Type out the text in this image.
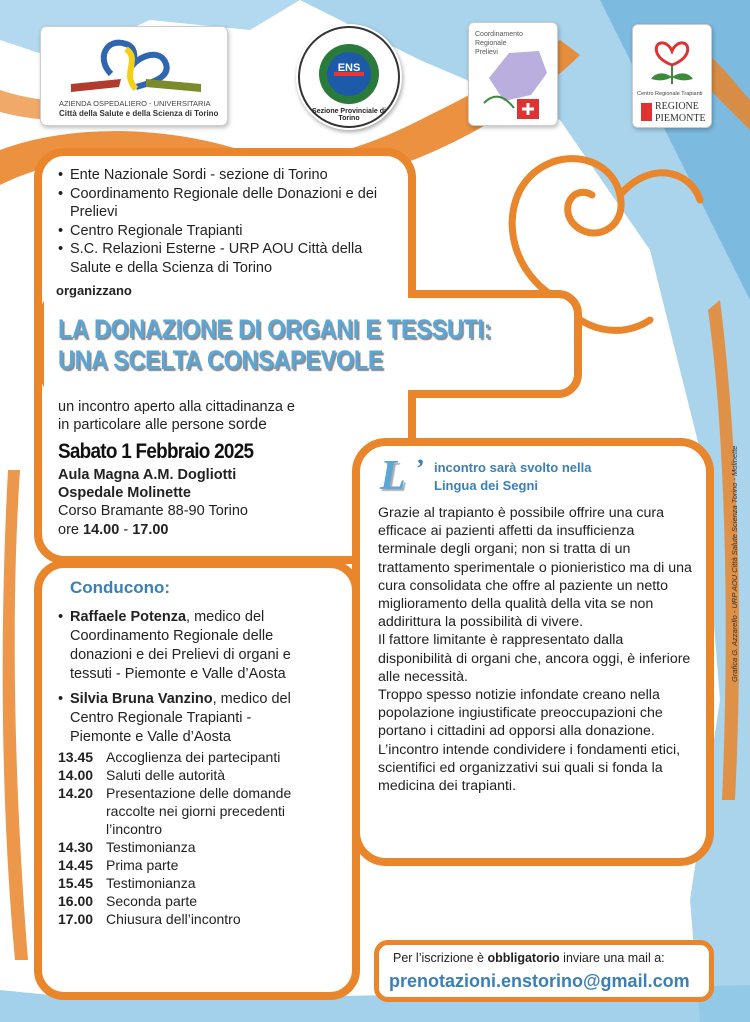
AZIENDA OSPEDALIERO - UNIVERSITARIA
Città della Salute e della Scienza di Torino
ENS
Sezione Provinciale di Torino
Coordinamento
Regionale
Prelievi
Centro Regionale Trapianti
REGIONE
PIEMONTE
• Ente Nazionale Sordi - sezione di Torino
• Coordinamento Regionale delle Donazioni e dei Prelievi
• Centro Regionale Trapianti
• S.C. Relazioni Esterne - URP AOU Città della Salute e della Scienza di Torino
organizzano
LA DONAZIONE DI ORGANI E TESSUTI:
UNA SCELTA CONSAPEVOLE
un incontro aperto alla cittadinanza e
in particolare alle persone sorde
Sabato 1 Febbraio 2025
Aula Magna A.M. Dogliotti
Ospedale Molinette
Corso Bramante 88-90 Torino
ore 14.00 - 17.00
Conducono:
• Raffaele Potenza, medico del
Coordinamento Regionale delle
donazioni e dei Prelievi di organi e
tessuti - Piemonte e Valle d’Aosta
• Silvia Bruna Vanzino, medico del
Centro Regionale Trapianti -
Piemonte e Valle d’Aosta
13.45 Accoglienza dei partecipanti
14.00 Saluti delle autorità
14.20 Presentazione delle domande raccolte nei giorni precedenti l’incontro
14.30 Testimonianza
14.45 Prima parte
15.45 Testimonianza
16.00 Seconda parte
17.00 Chiusura dell’incontro
L ’ incontro sarà svolto nella
Lingua dei Segni
Grazie al trapianto è possibile offrire una cura efficace ai pazienti affetti da insufficienza terminale degli organi; non si tratta di un trattamento sperimentale o pionieristico ma di una cura consolidata che offre al paziente un netto miglioramento della qualità della vita se non addirittura la possibilità di vivere.
Il fattore limitante è rappresentato dalla disponibilità di organi che, ancora oggi, è inferiore alle necessità.
Troppo spesso notizie infondate creano nella popolazione ingiustificate preoccupazioni che portano i cittadini ad opporsi alla donazione.
L’incontro intende condividere i fondamenti etici, scientifici ed organizzativi sui quali si fonda la medicina dei trapianti.
Grafica G. Azzarello - URP AOU Città Salute Scienza Torino - Molinette
Per l’iscrizione è obbligatorio inviare una mail a:
prenotazioni.enstorino@gmail.com
